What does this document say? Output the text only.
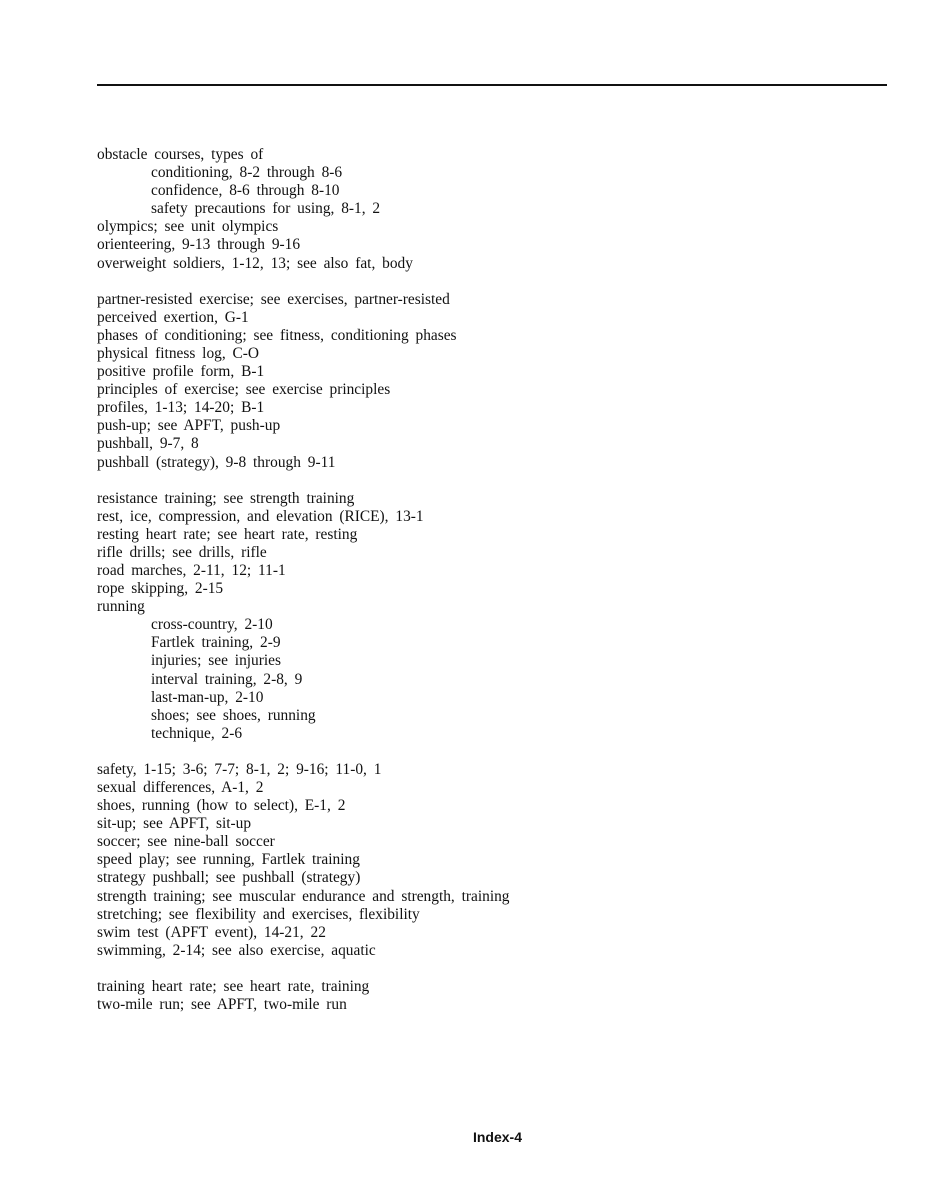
obstacle courses, types of
conditioning, 8-2 through 8-6
confidence, 8-6 through 8-10
safety precautions for using, 8-1, 2
olympics; see unit olympics
orienteering, 9-13 through 9-16
overweight soldiers, 1-12, 13; see also fat, body
partner-resisted exercise; see exercises, partner-resisted
perceived exertion, G-1
phases of conditioning; see fitness, conditioning phases
physical fitness log, C-O
positive profile form, B-1
principles of exercise; see exercise principles
profiles, 1-13; 14-20; B-1
push-up; see APFT, push-up
pushball, 9-7, 8
pushball (strategy), 9-8 through 9-11
resistance training; see strength training
rest, ice, compression, and elevation (RICE), 13-1
resting heart rate; see heart rate, resting
rifle drills; see drills, rifle
road marches, 2-11, 12; 11-1
rope skipping, 2-15
running
cross-country, 2-10
Fartlek training, 2-9
injuries; see injuries
interval training, 2-8, 9
last-man-up, 2-10
shoes; see shoes, running
technique, 2-6
safety, 1-15; 3-6; 7-7; 8-1, 2; 9-16; 11-0, 1
sexual differences, A-1, 2
shoes, running (how to select), E-1, 2
sit-up; see APFT, sit-up
soccer; see nine-ball soccer
speed play; see running, Fartlek training
strategy pushball; see pushball (strategy)
strength training; see muscular endurance and strength, training
stretching; see flexibility and exercises, flexibility
swim test (APFT event), 14-21, 22
swimming, 2-14; see also exercise, aquatic
training heart rate; see heart rate, training
two-mile run; see APFT, two-mile run
Index-4
